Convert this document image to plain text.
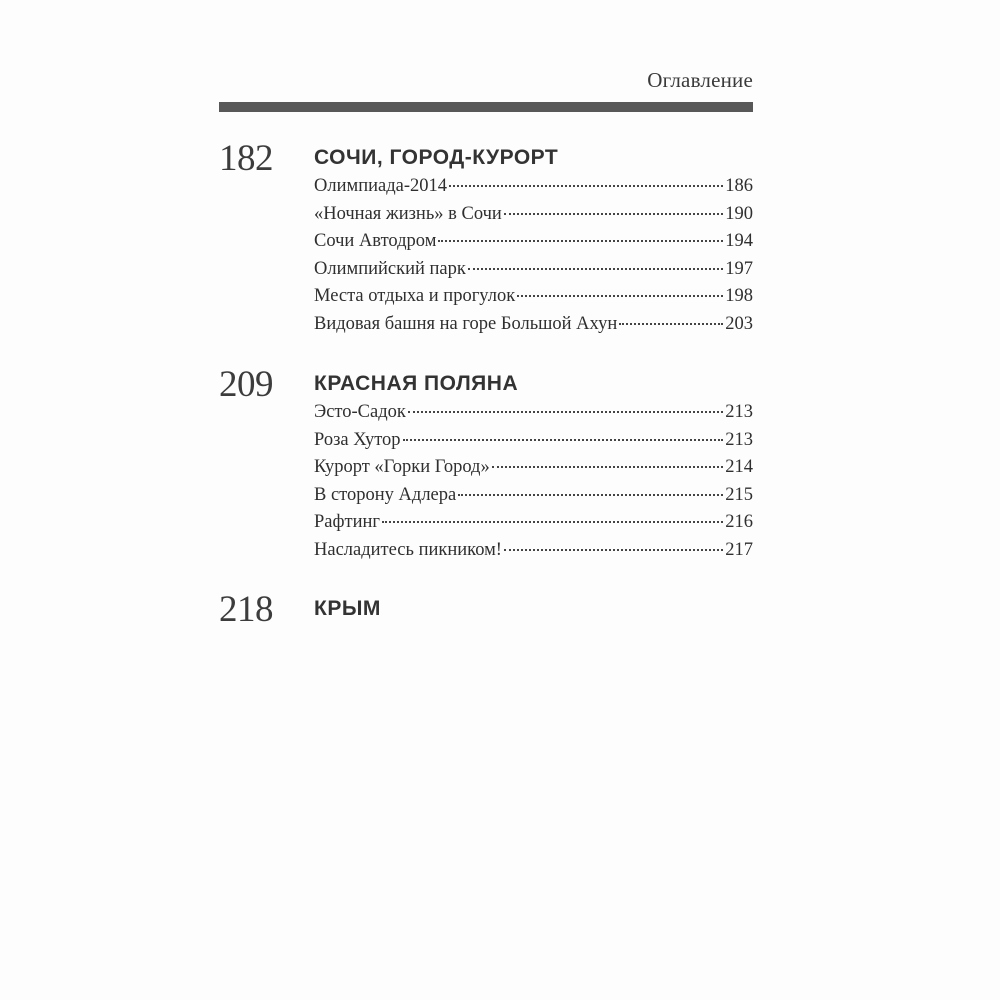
Оглавление
182	СОЧИ, ГОРОД-КУРОРТ
Олимпиада-2014	186
«Ночная жизнь» в Сочи	190
Сочи Автодром	194
Олимпийский парк	197
Места отдыха и прогулок	198
Видовая башня на горе Большой Ахун	203
209	КРАСНАЯ ПОЛЯНА
Эсто-Садок	213
Роза Хутор	213
Курорт «Горки Город»	214
В сторону Адлера	215
Рафтинг	216
Насладитесь пикником!	217
218	КРЫМ
